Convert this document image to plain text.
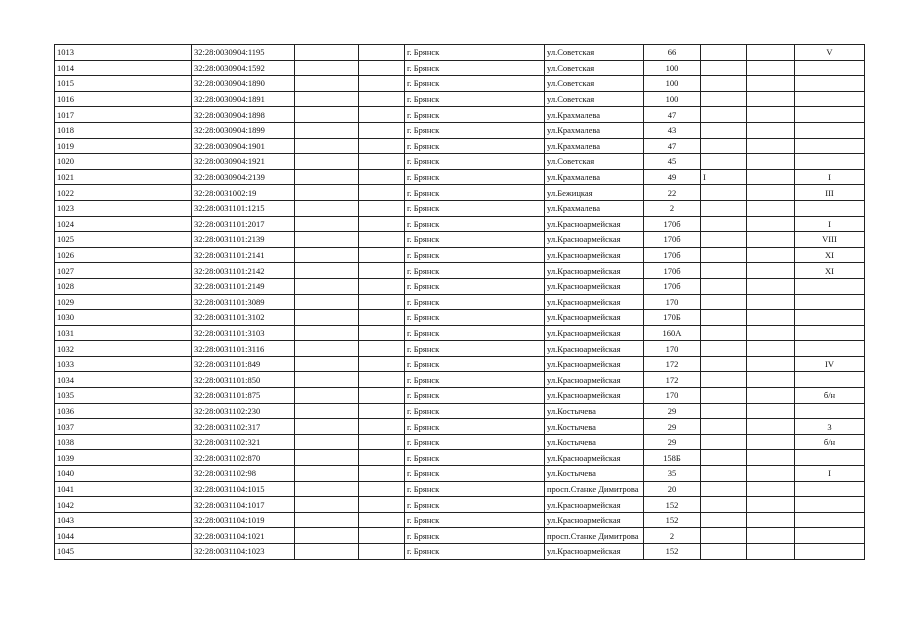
1013	32:28:0030904:1195			г. Брянск	ул.Советская	66			V
1014	32:28:0030904:1592			г. Брянск	ул.Советская	100			
1015	32:28:0030904:1890			г. Брянск	ул.Советская	100			
1016	32:28:0030904:1891			г. Брянск	ул.Советская	100			
1017	32:28:0030904:1898			г. Брянск	ул.Крахмалева	47			
1018	32:28:0030904:1899			г. Брянск	ул.Крахмалева	43			
1019	32:28:0030904:1901			г. Брянск	ул.Крахмалева	47			
1020	32:28:0030904:1921			г. Брянск	ул.Советская	45			
1021	32:28:0030904:2139			г. Брянск	ул.Крахмалева	49	I		I
1022	32:28:0031002:19			г. Брянск	ул.Бежицкая	22			III
1023	32:28:0031101:1215			г. Брянск	ул.Крахмалева	2			
1024	32:28:0031101:2017			г. Брянск	ул.Красноармейская	170б			I
1025	32:28:0031101:2139			г. Брянск	ул.Красноармейская	170б			VIII
1026	32:28:0031101:2141			г. Брянск	ул.Красноармейская	170б			XI
1027	32:28:0031101:2142			г. Брянск	ул.Красноармейская	170б			XI
1028	32:28:0031101:2149			г. Брянск	ул.Красноармейская	170б			
1029	32:28:0031101:3089			г. Брянск	ул.Красноармейская	170			
1030	32:28:0031101:3102			г. Брянск	ул.Красноармейская	170Б			
1031	32:28:0031101:3103			г. Брянск	ул.Красноармейская	160А			
1032	32:28:0031101:3116			г. Брянск	ул.Красноармейская	170			
1033	32:28:0031101:849			г. Брянск	ул.Красноармейская	172			IV
1034	32:28:0031101:850			г. Брянск	ул.Красноармейская	172			
1035	32:28:0031101:875			г. Брянск	ул.Красноармейская	170			б/н
1036	32:28:0031102:230			г. Брянск	ул.Костычева	29			
1037	32:28:0031102:317			г. Брянск	ул.Костычева	29			3
1038	32:28:0031102:321			г. Брянск	ул.Костычева	29			б/н
1039	32:28:0031102:870			г. Брянск	ул.Красноармейская	158Б			
1040	32:28:0031102:98			г. Брянск	ул.Костычева	35			I
1041	32:28:0031104:1015			г. Брянск	просп.Станке Димитрова	20			
1042	32:28:0031104:1017			г. Брянск	ул.Красноармейская	152			
1043	32:28:0031104:1019			г. Брянск	ул.Красноармейская	152			
1044	32:28:0031104:1021			г. Брянск	просп.Станке Димитрова	2			
1045	32:28:0031104:1023			г. Брянск	ул.Красноармейская	152			
